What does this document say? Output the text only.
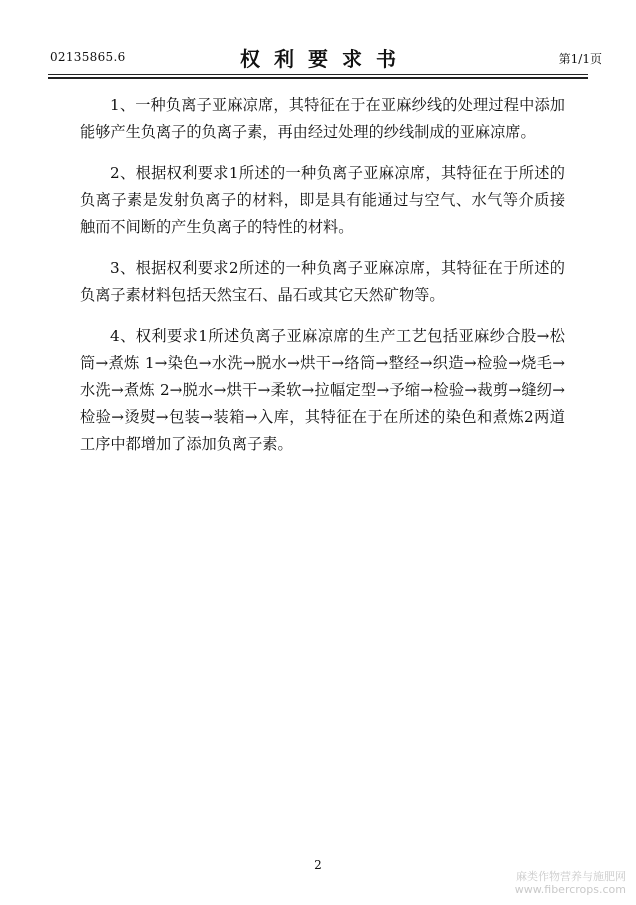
02135865.6	权利要求书	第1/1页

1、一种负离子亚麻凉席，其特征在于在亚麻纱线的处理过程中添加能够产生负离子的负离子素，再由经过处理的纱线制成的亚麻凉席。

2、根据权利要求1所述的一种负离子亚麻凉席，其特征在于所述的负离子素是发射负离子的材料，即是具有能通过与空气、水气等介质接触而不间断的产生负离子的特性的材料。

3、根据权利要求2所述的一种负离子亚麻凉席，其特征在于所述的负离子素材料包括天然宝石、晶石或其它天然矿物等。

4、权利要求1所述负离子亚麻凉席的生产工艺包括亚麻纱合股→松筒→煮炼 1→染色→水洗→脱水→烘干→络筒→整经→织造→检验→烧毛→水洗→煮炼 2→脱水→烘干→柔软→拉幅定型→予缩→检验→裁剪→缝纫→检验→烫熨→包装→装箱→入库，其特征在于在所述的染色和煮炼2两道工序中都增加了添加负离子素。

2
麻类作物营养与施肥网
www.fibercrops.com
